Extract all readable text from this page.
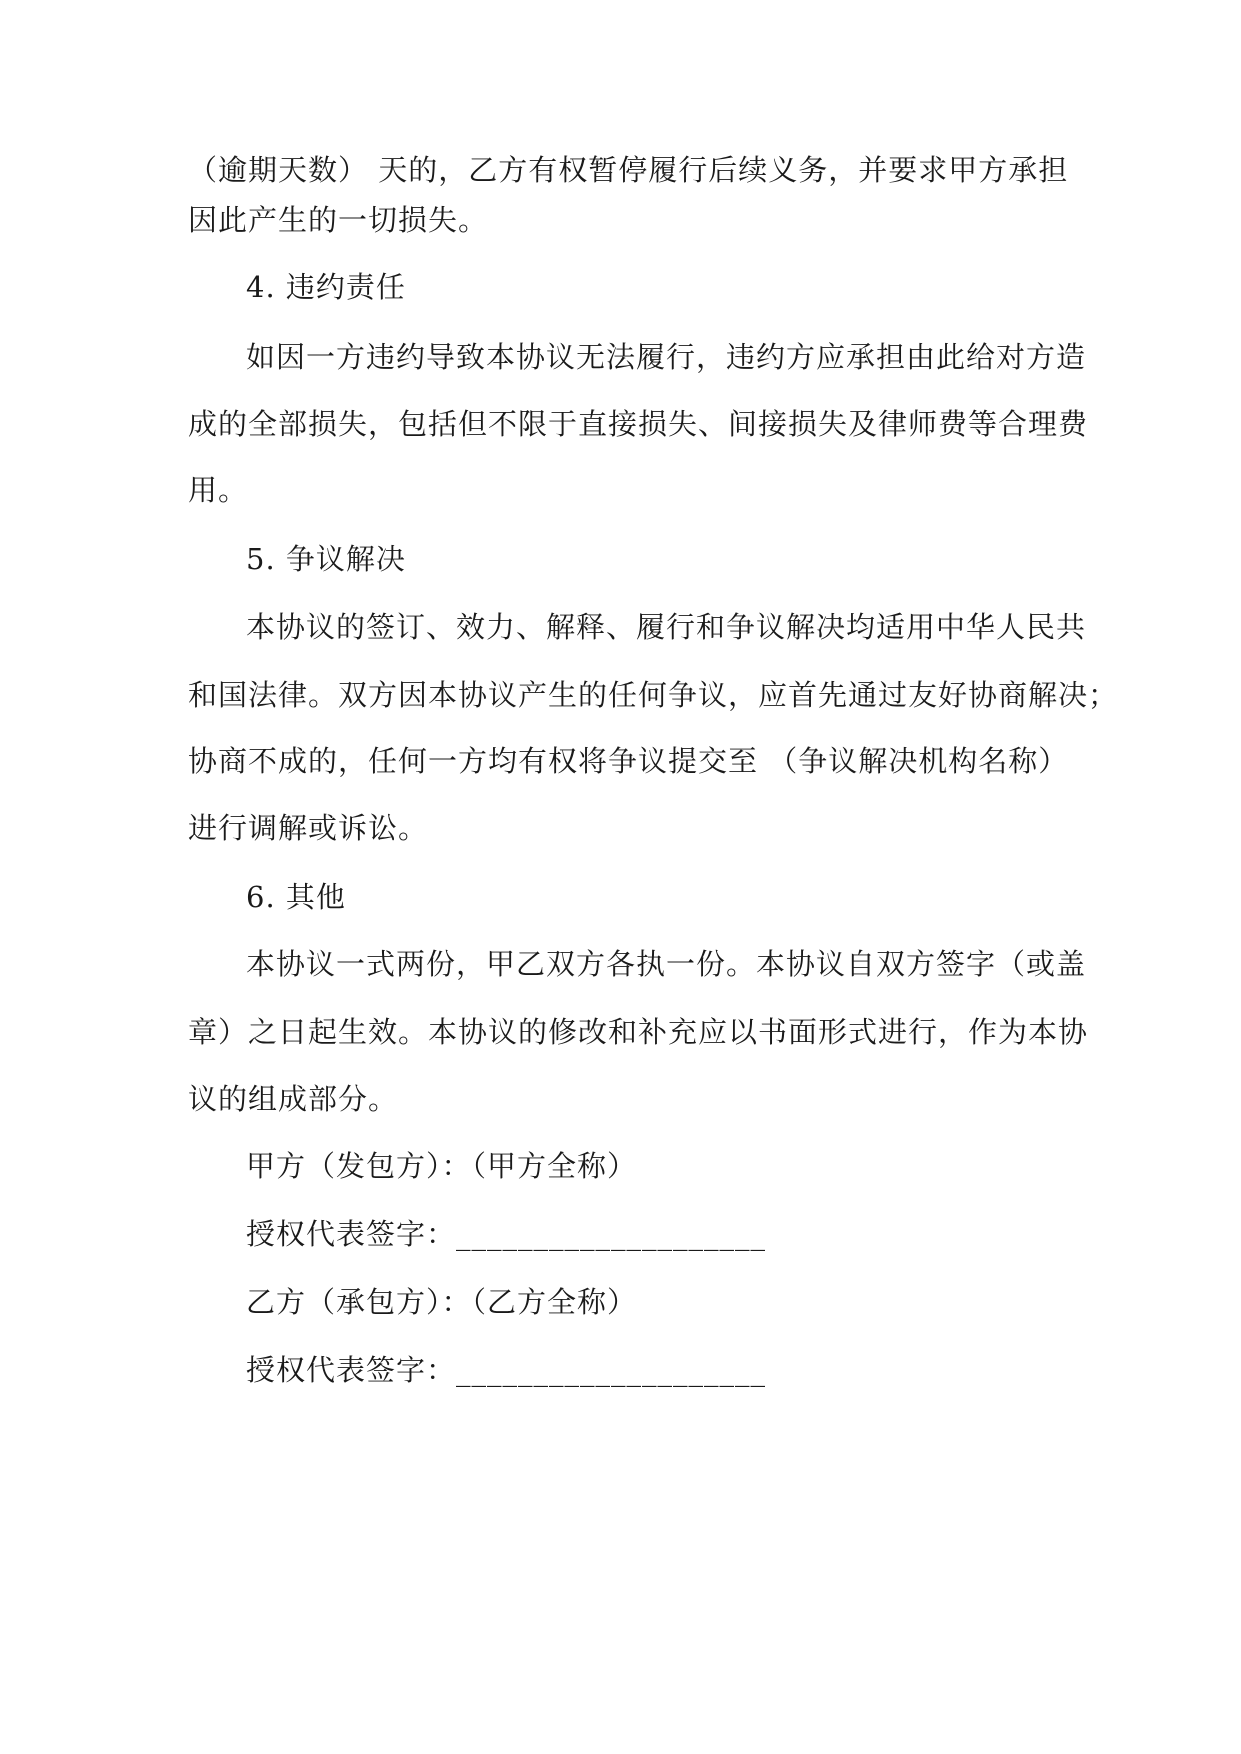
（逾期天数） 天的，乙方有权暂停履行后续义务，并要求甲方承担
因此产生的一切损失。
4. 违约责任
如因一方违约导致本协议无法履行，违约方应承担由此给对方造
成的全部损失，包括但不限于直接损失、间接损失及律师费等合理费
用。
5. 争议解决
本协议的签订、效力、解释、履行和争议解决均适用中华人民共
和国法律。双方因本协议产生的任何争议，应首先通过友好协商解决；
协商不成的，任何一方均有权将争议提交至 （争议解决机构名称）
进行调解或诉讼。
6. 其他
本协议一式两份，甲乙双方各执一份。本协议自双方签字（或盖
章）之日起生效。本协议的修改和补充应以书面形式进行，作为本协
议的组成部分。
甲方（发包方）：（甲方全称）
授权代表签字：____________________
乙方（承包方）：（乙方全称）
授权代表签字：____________________
